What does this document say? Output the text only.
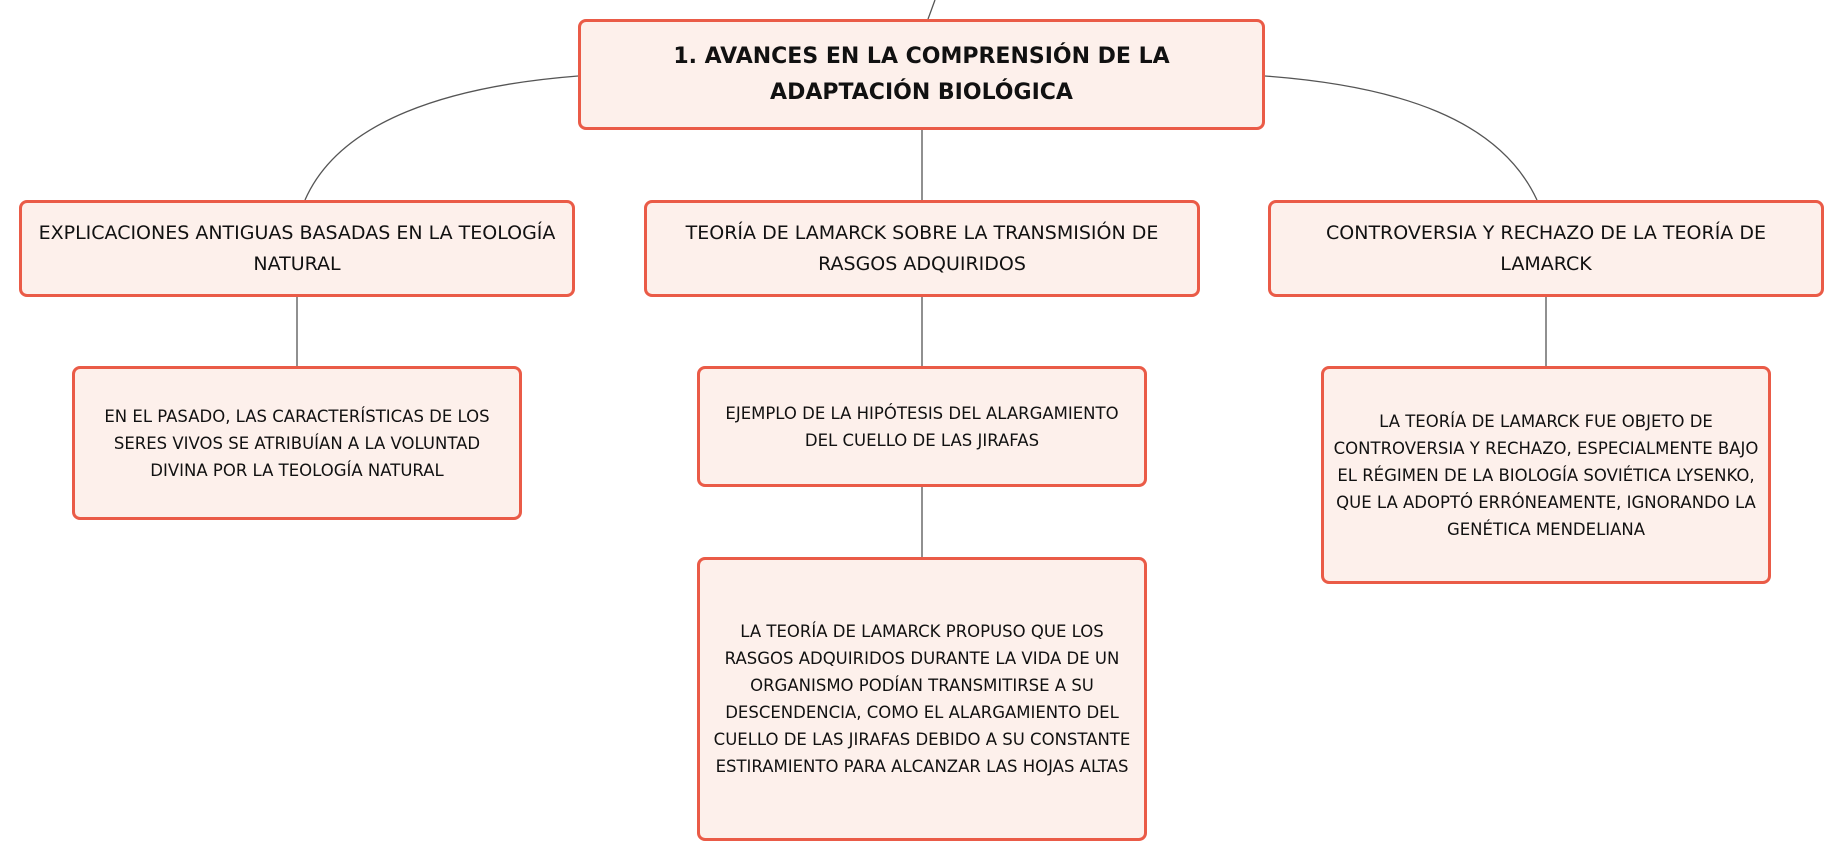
1. AVANCES EN LA COMPRENSIÓN DE LA ADAPTACIÓN BIOLÓGICA
EXPLICACIONES ANTIGUAS BASADAS EN LA TEOLOGÍA NATURAL
TEORÍA DE LAMARCK SOBRE LA TRANSMISIÓN DE RASGOS ADQUIRIDOS
CONTROVERSIA Y RECHAZO DE LA TEORÍA DE LAMARCK
EN EL PASADO, LAS CARACTERÍSTICAS DE LOS SERES VIVOS SE ATRIBUÍAN A LA VOLUNTAD DIVINA POR LA TEOLOGÍA NATURAL
EJEMPLO DE LA HIPÓTESIS DEL ALARGAMIENTO DEL CUELLO DE LAS JIRAFAS
LA TEORÍA DE LAMARCK PROPUSO QUE LOS RASGOS ADQUIRIDOS DURANTE LA VIDA DE UN ORGANISMO PODÍAN TRANSMITIRSE A SU DESCENDENCIA, COMO EL ALARGAMIENTO DEL CUELLO DE LAS JIRAFAS DEBIDO A SU CONSTANTE ESTIRAMIENTO PARA ALCANZAR LAS HOJAS ALTAS
LA TEORÍA DE LAMARCK FUE OBJETO DE CONTROVERSIA Y RECHAZO, ESPECIALMENTE BAJO EL RÉGIMEN DE LA BIOLOGÍA SOVIÉTICA LYSENKO, QUE LA ADOPTÓ ERRÓNEAMENTE, IGNORANDO LA GENÉTICA MENDELIANA
